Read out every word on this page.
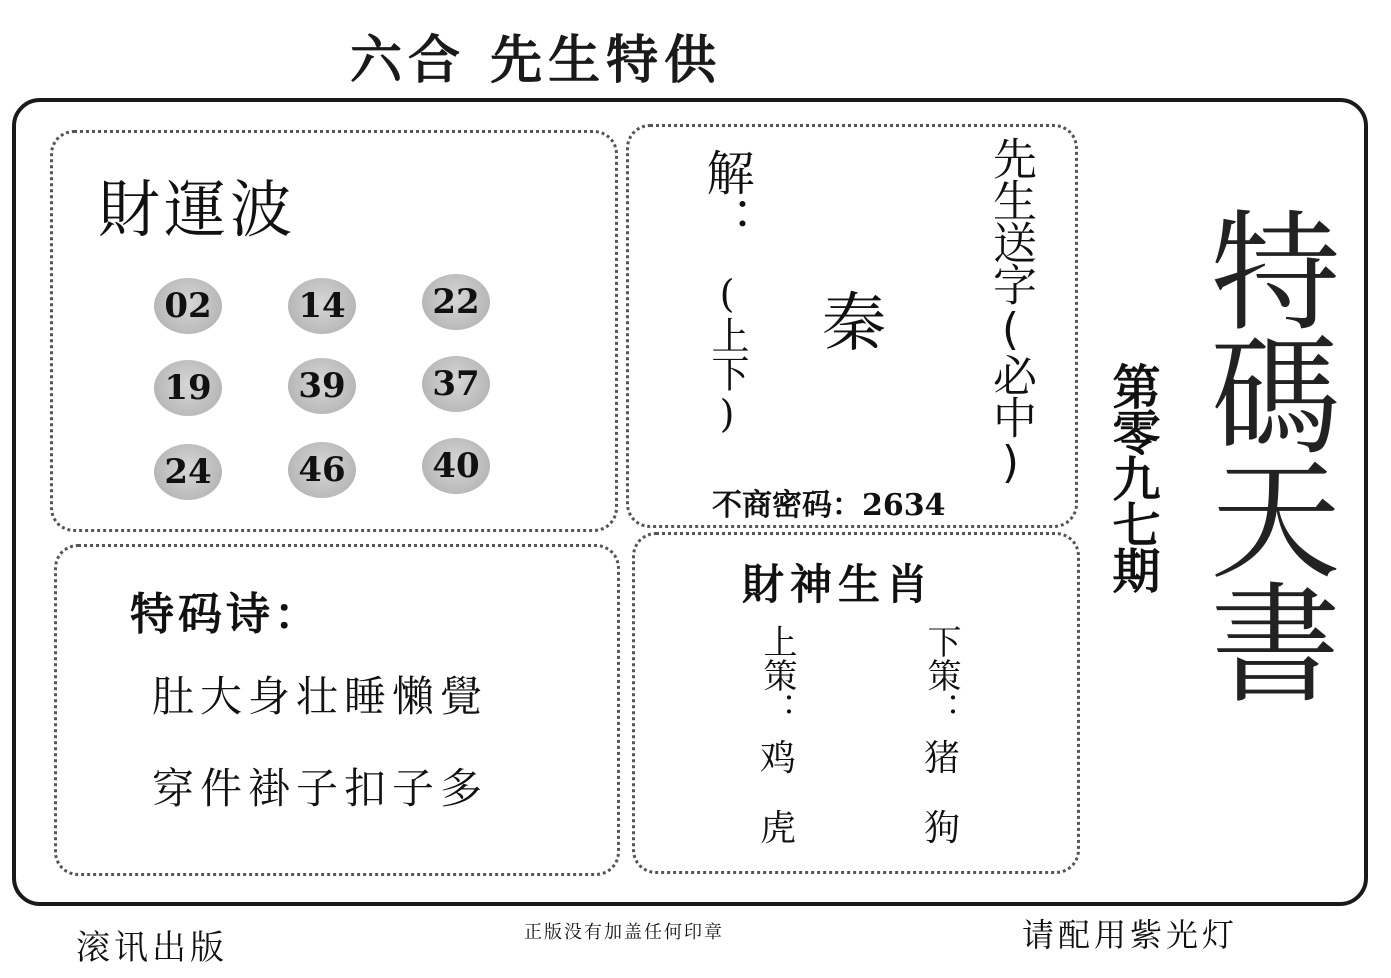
六合 先生特供
財運波
02	14	22
19	39	37
24	46	40
解：
(上下) 秦 先生送字(必中)
不商密码：2634
特码诗：
肚大身壮睡懶覺
穿件褂子扣子多
財神生肖
上策：
鸡
虎
下策：
猪
狗
第零九七期 特碼天書
滚讯出版	正版没有加盖任何印章	请配用紫光灯
